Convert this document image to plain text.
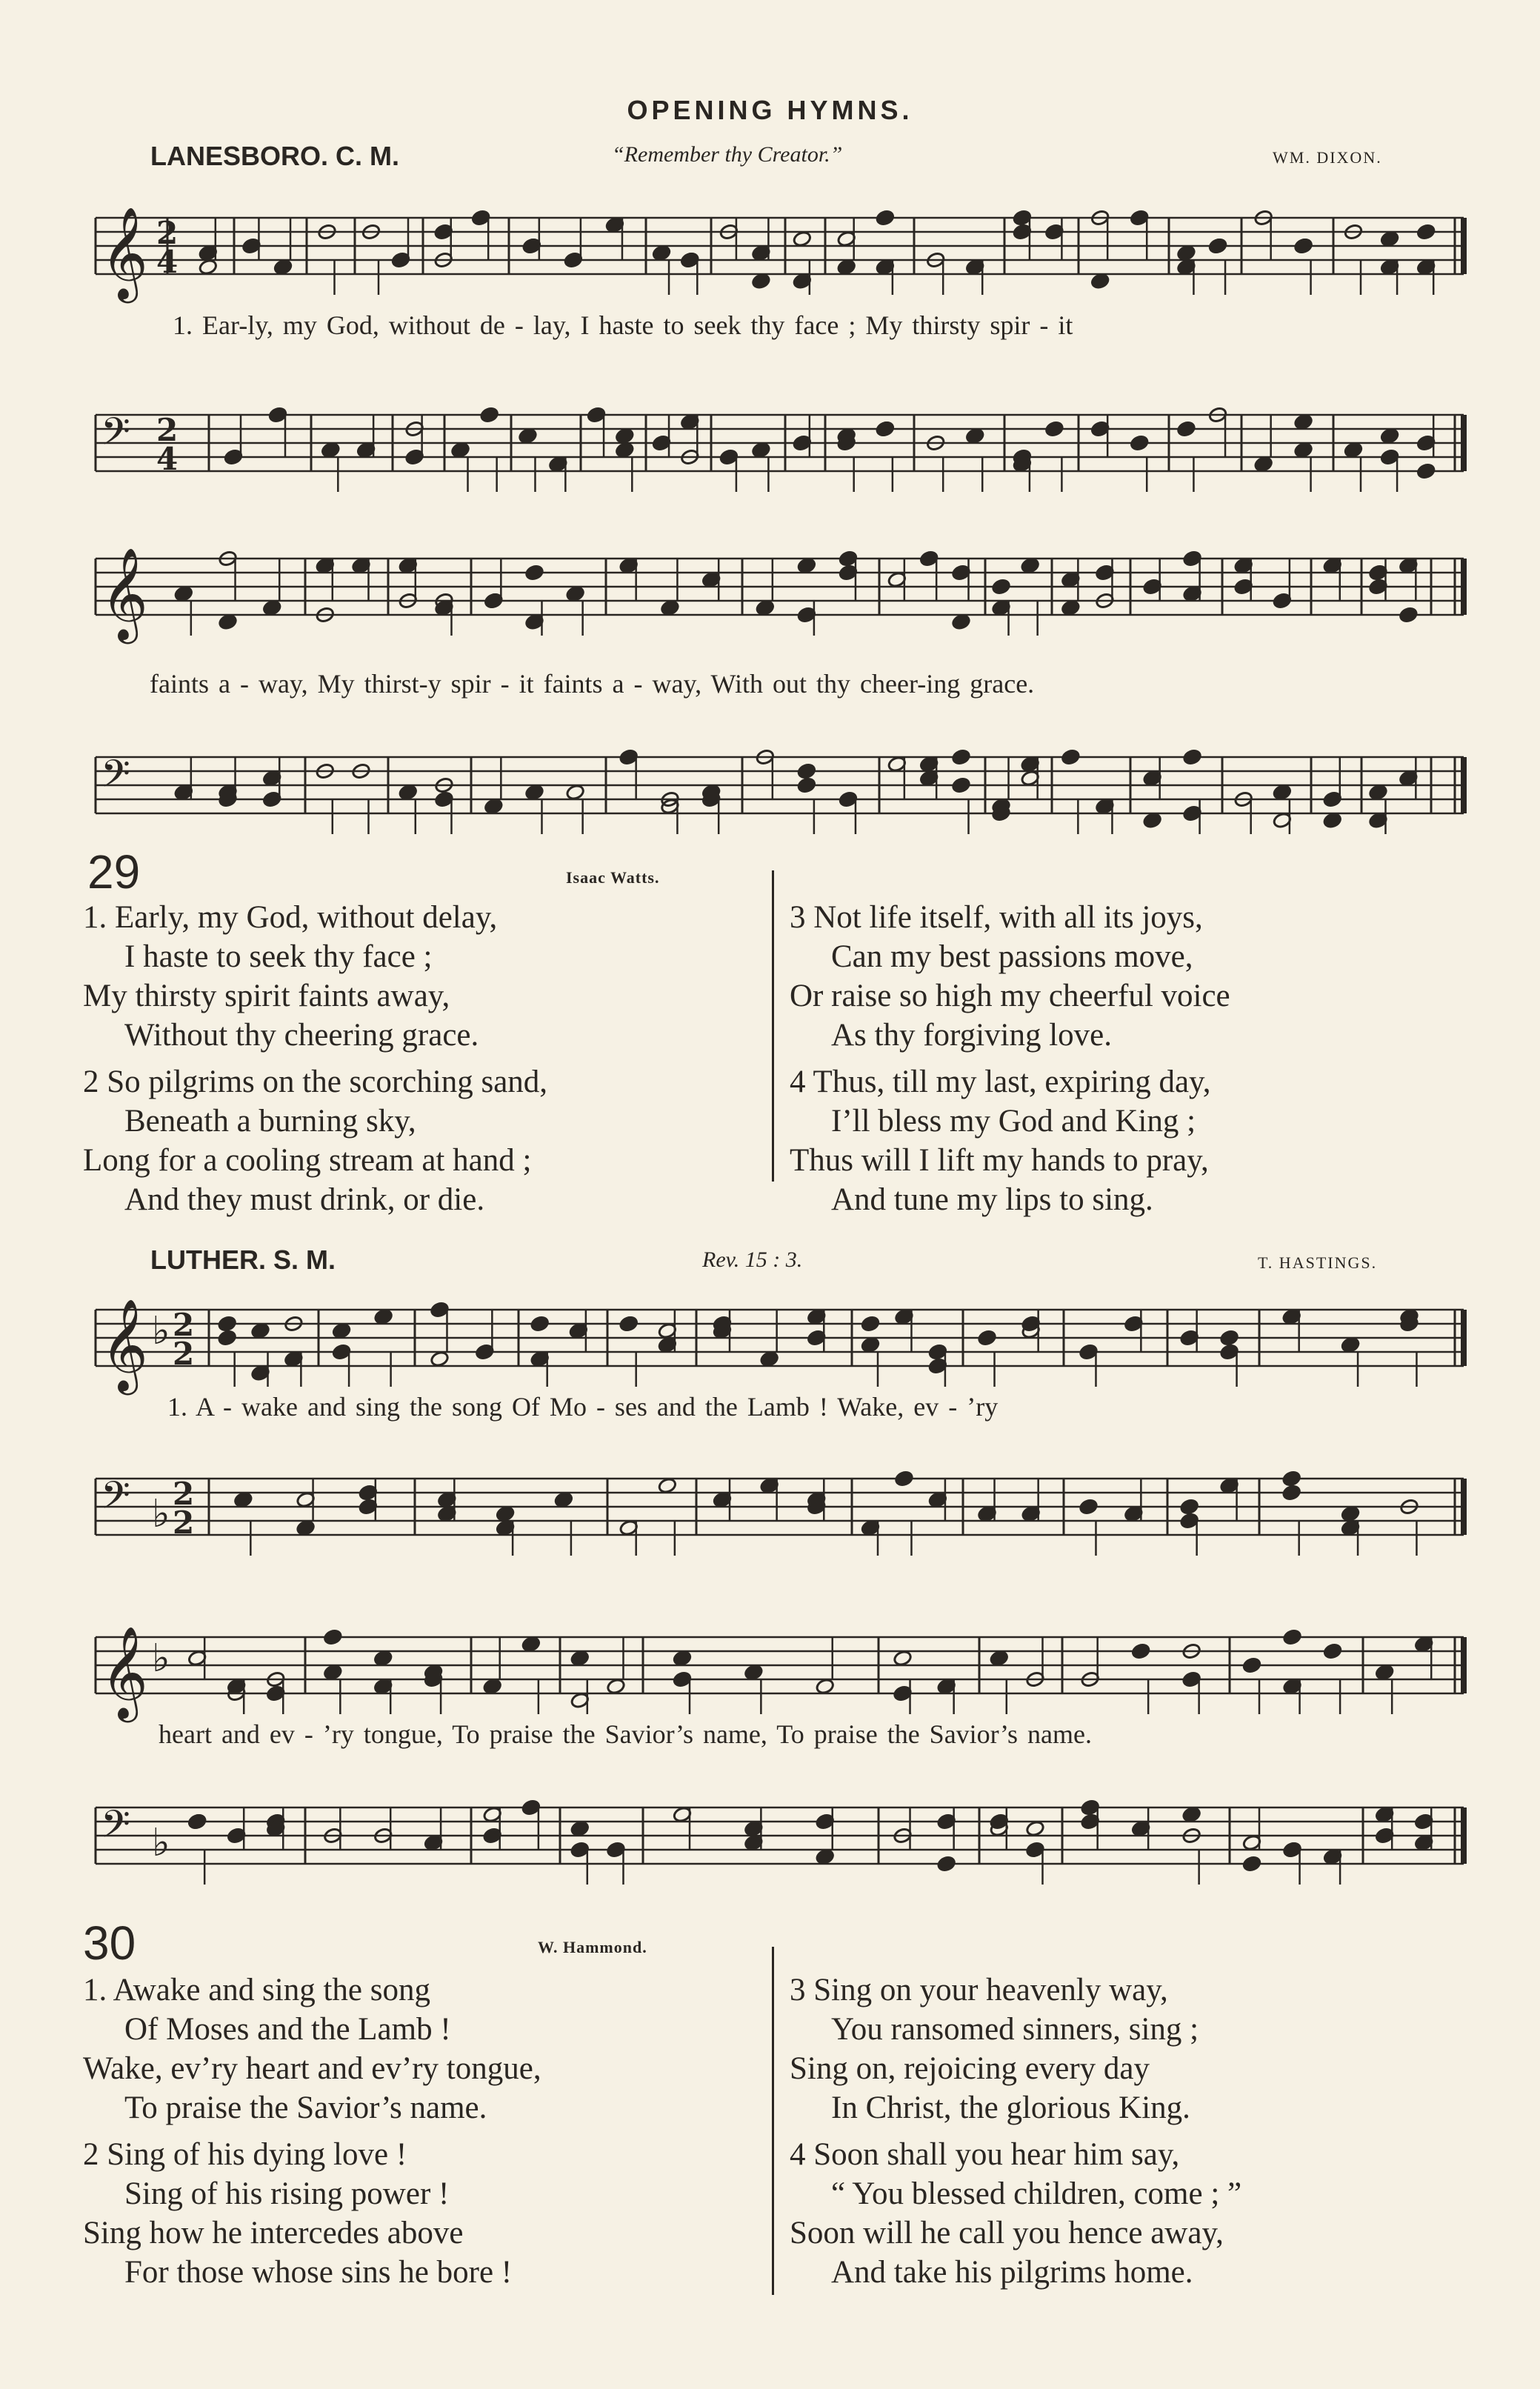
OPENING HYMNS.
LANESBORO. C. M.	“Remember thy Creator.”	WM. DIXON.
𝄞 2
4
1. Ear-ly, my God, without de - lay, I haste to seek thy face ; My thirsty spir - it
𝄢 2
4
𝄞
faints a - way, My thirst-y spir - it faints a - way, With out thy cheer-ing grace.
𝄢
29	Isaac Watts.
1. Early, my God, without delay,
I haste to seek thy face ;
My thirsty spirit faints away,
Without thy cheering grace.
2 So pilgrims on the scorching sand,
Beneath a burning sky,
Long for a cooling stream at hand ;
And they must drink, or die.
3 Not life itself, with all its joys,
Can my best passions move,
Or raise so high my cheerful voice
As thy forgiving love.
4 Thus, till my last, expiring day,
I’ll bless my God and King ;
Thus will I lift my hands to pray,
And tune my lips to sing.
LUTHER. S. M.	Rev. 15 : 3.	T. HASTINGS.
𝄞 ♭ 2
2
1. A - wake and sing the song Of Mo - ses and the Lamb ! Wake, ev - ’ry
𝄢 ♭ 2
2
𝄞 ♭
heart and ev - ’ry tongue, To praise the Savior’s name, To praise the Savior’s name.
𝄢 ♭
30	W. Hammond.
1. Awake and sing the song
Of Moses and the Lamb !
Wake, ev’ry heart and ev’ry tongue,
To praise the Savior’s name.
2 Sing of his dying love !
Sing of his rising power !
Sing how he intercedes above
For those whose sins he bore !
3 Sing on your heavenly way,
You ransomed sinners, sing ;
Sing on, rejoicing every day
In Christ, the glorious King.
4 Soon shall you hear him say,
“ You blessed children, come ; ”
Soon will he call you hence away,
And take his pilgrims home.
